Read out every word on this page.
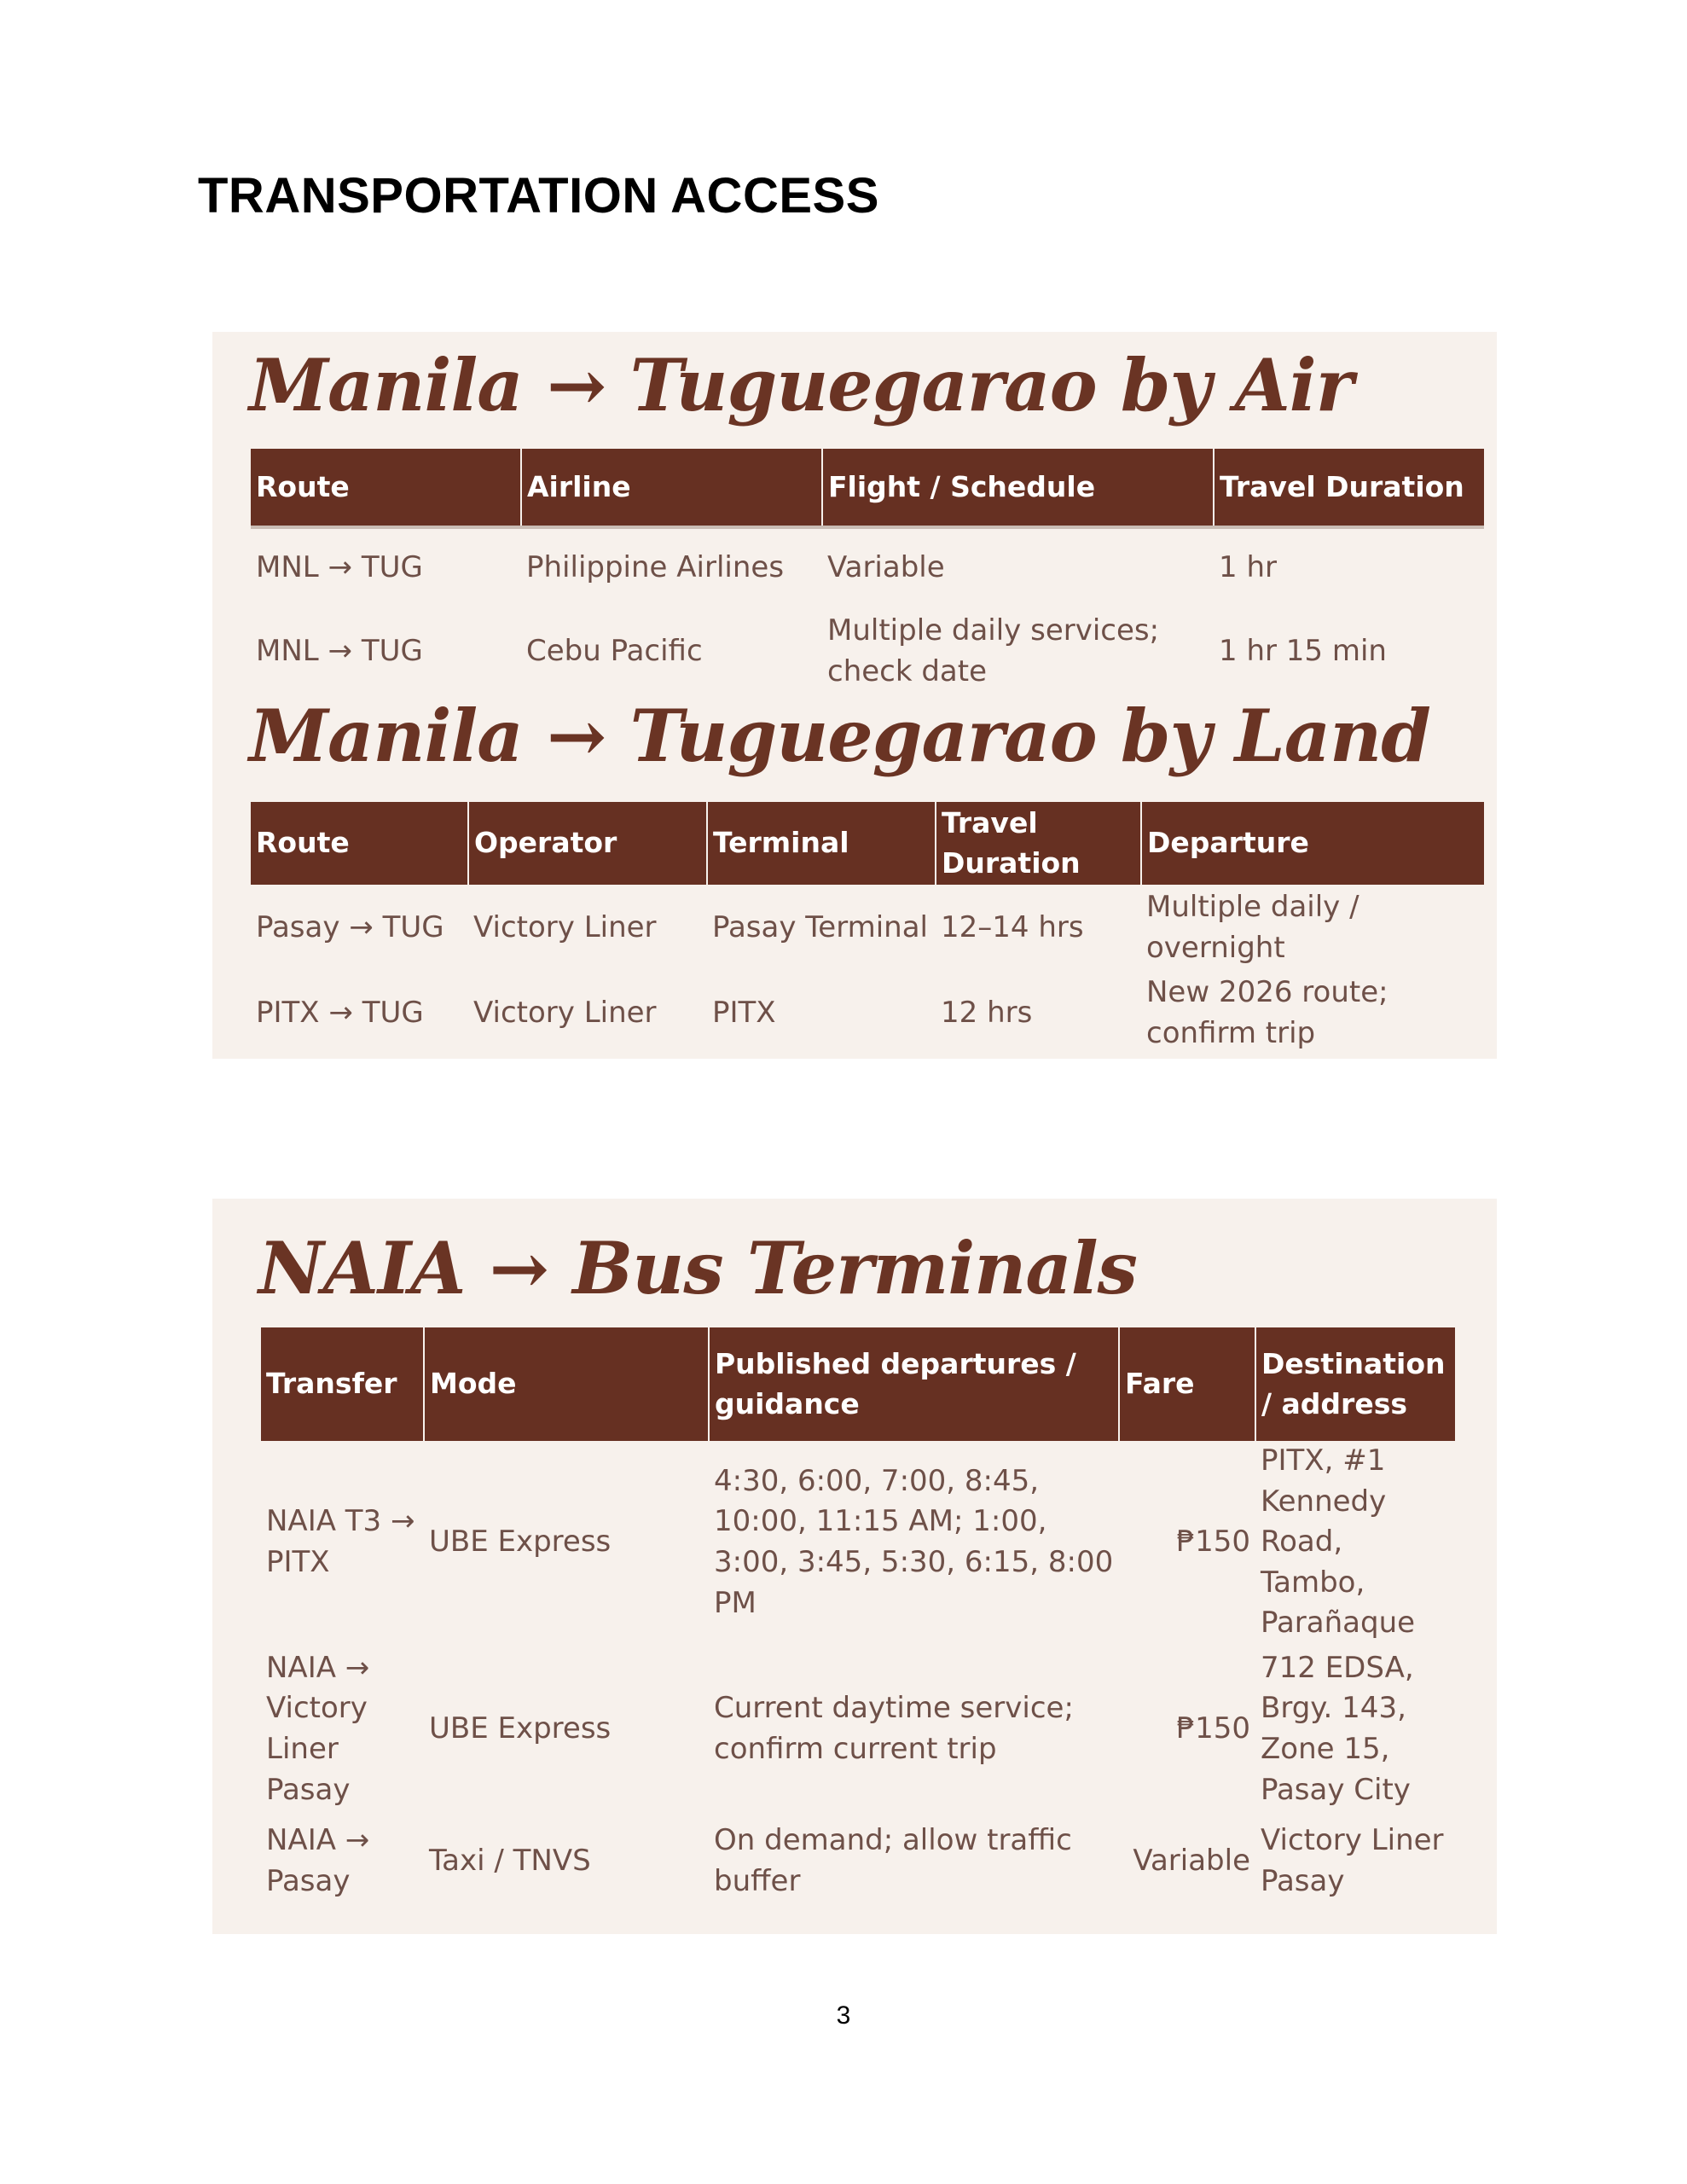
TRANSPORTATION ACCESS
Manila → Tuguegarao by Air
Route	Airline	Flight / Schedule	Travel Duration
MNL → TUG	Philippine Airlines	Variable	1 hr
MNL → TUG	Cebu Pacific	Multiple daily services; check date	1 hr 15 min
Manila → Tuguegarao by Land
Route	Operator	Terminal	Travel Duration	Departure
Pasay → TUG	Victory Liner	Pasay Terminal	12–14 hrs	Multiple daily / overnight
PITX → TUG	Victory Liner	PITX	12 hrs	New 2026 route; confirm trip
NAIA → Bus Terminals
Transfer	Mode	Published departures / guidance	Fare	Destination / address
NAIA T3 → PITX	UBE Express	4:30, 6:00, 7:00, 8:45, 10:00, 11:15 AM; 1:00, 3:00, 3:45, 5:30, 6:15, 8:00 PM	₱150	PITX, #1 Kennedy Road, Tambo, Parañaque
NAIA → Victory Liner Pasay	UBE Express	Current daytime service; confirm current trip	₱150	712 EDSA, Brgy. 143, Zone 15, Pasay City
NAIA → Pasay	Taxi / TNVS	On demand; allow traffic buffer	Variable	Victory Liner Pasay
3
